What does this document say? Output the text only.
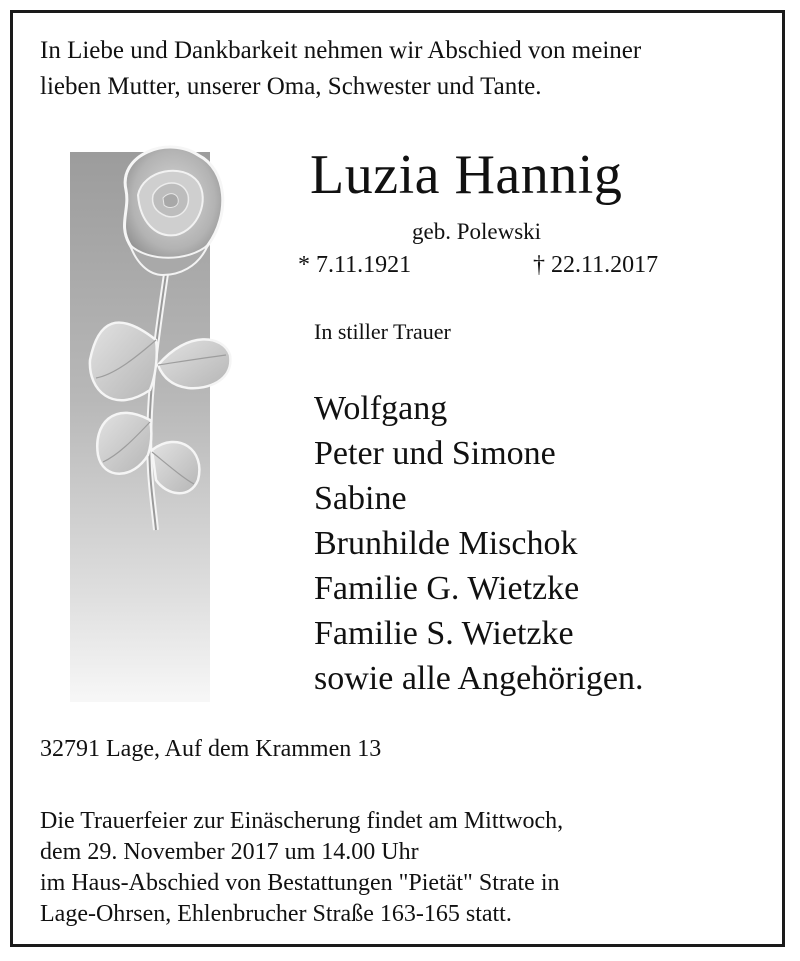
In Liebe und Dankbarkeit nehmen wir Abschied von meiner
lieben Mutter, unserer Oma, Schwester und Tante.
Luzia Hannig
geb. Polewski
* 7.11.1921	† 22.11.2017
In stiller Trauer
Wolfgang
Peter und Simone
Sabine
Brunhilde Mischok
Familie G. Wietzke
Familie S. Wietzke
sowie alle Angehörigen.
32791 Lage, Auf dem Krammen 13
Die Trauerfeier zur Einäscherung findet am Mittwoch,
dem 29. November 2017 um 14.00 Uhr
im Haus-Abschied von Bestattungen "Pietät" Strate in
Lage-Ohrsen, Ehlenbrucher Straße 163-165 statt.
